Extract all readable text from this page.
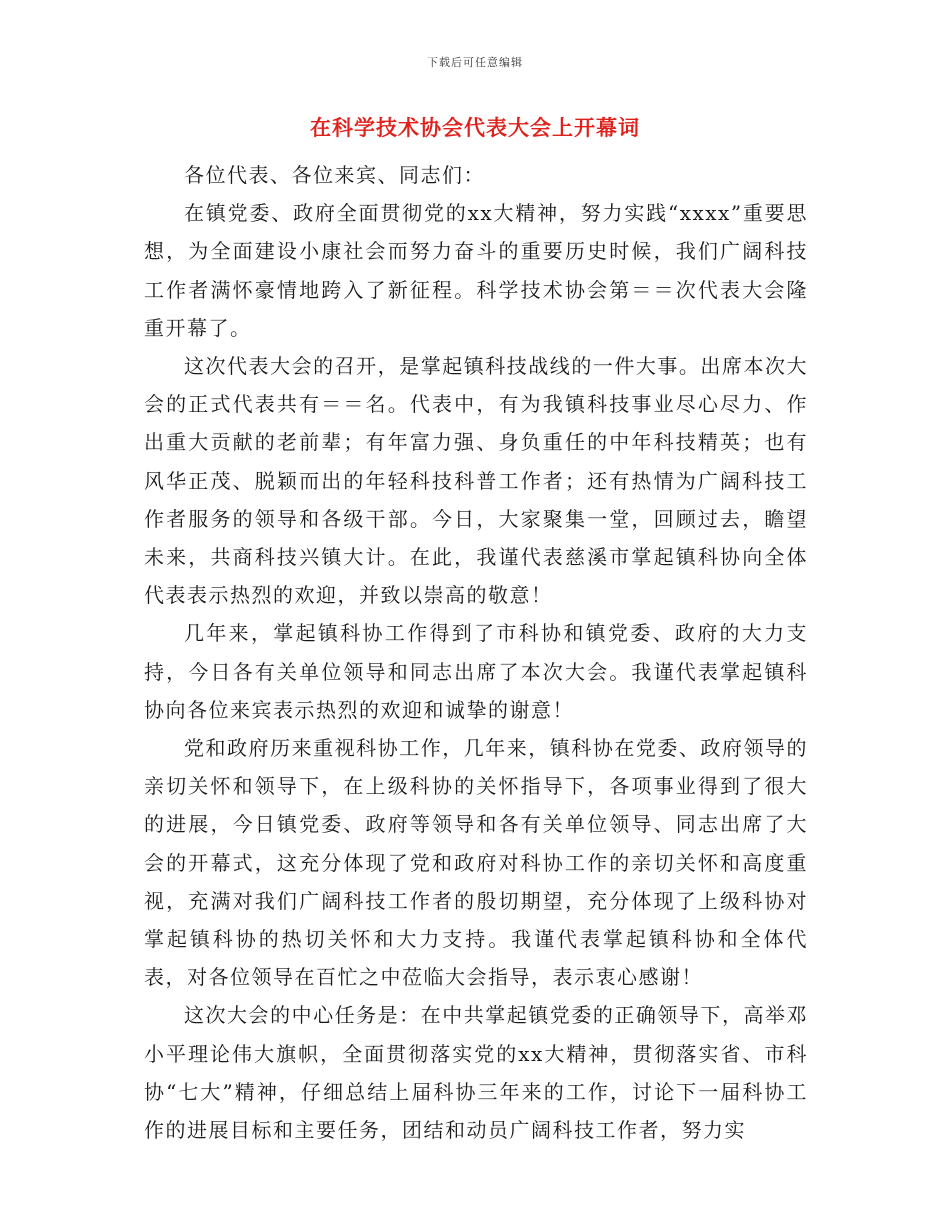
下载后可任意编辑
在科学技术协会代表大会上开幕词

各位代表、各位来宾、同志们：

在镇党委、政府全面贯彻党的xx大精神，努力实践“xxxx”重要思想，为全面建设小康社会而努力奋斗的重要历史时候，我们广阔科技工作者满怀豪情地跨入了新征程。科学技术协会第＝＝次代表大会隆重开幕了。

这次代表大会的召开，是掌起镇科技战线的一件大事。出席本次大会的正式代表共有＝＝名。代表中，有为我镇科技事业尽心尽力、作出重大贡献的老前辈；有年富力强、身负重任的中年科技精英；也有风华正茂、脱颖而出的年轻科技科普工作者；还有热情为广阔科技工作者服务的领导和各级干部。今日，大家聚集一堂，回顾过去，瞻望未来，共商科技兴镇大计。在此，我谨代表慈溪市掌起镇科协向全体代表表示热烈的欢迎，并致以崇高的敬意！

几年来，掌起镇科协工作得到了市科协和镇党委、政府的大力支持，今日各有关单位领导和同志出席了本次大会。我谨代表掌起镇科协向各位来宾表示热烈的欢迎和诚挚的谢意！

党和政府历来重视科协工作，几年来，镇科协在党委、政府领导的亲切关怀和领导下，在上级科协的关怀指导下，各项事业得到了很大的进展，今日镇党委、政府等领导和各有关单位领导、同志出席了大会的开幕式，这充分体现了党和政府对科协工作的亲切关怀和高度重视，充满对我们广阔科技工作者的殷切期望，充分体现了上级科协对掌起镇科协的热切关怀和大力支持。我谨代表掌起镇科协和全体代表，对各位领导在百忙之中莅临大会指导，表示衷心感谢！

这次大会的中心任务是：在中共掌起镇党委的正确领导下，高举邓小平理论伟大旗帜，全面贯彻落实党的xx大精神，贯彻落实省、市科协“七大”精神，仔细总结上届科协三年来的工作，讨论下一届科协工作的进展目标和主要任务，团结和动员广阔科技工作者，努力实
